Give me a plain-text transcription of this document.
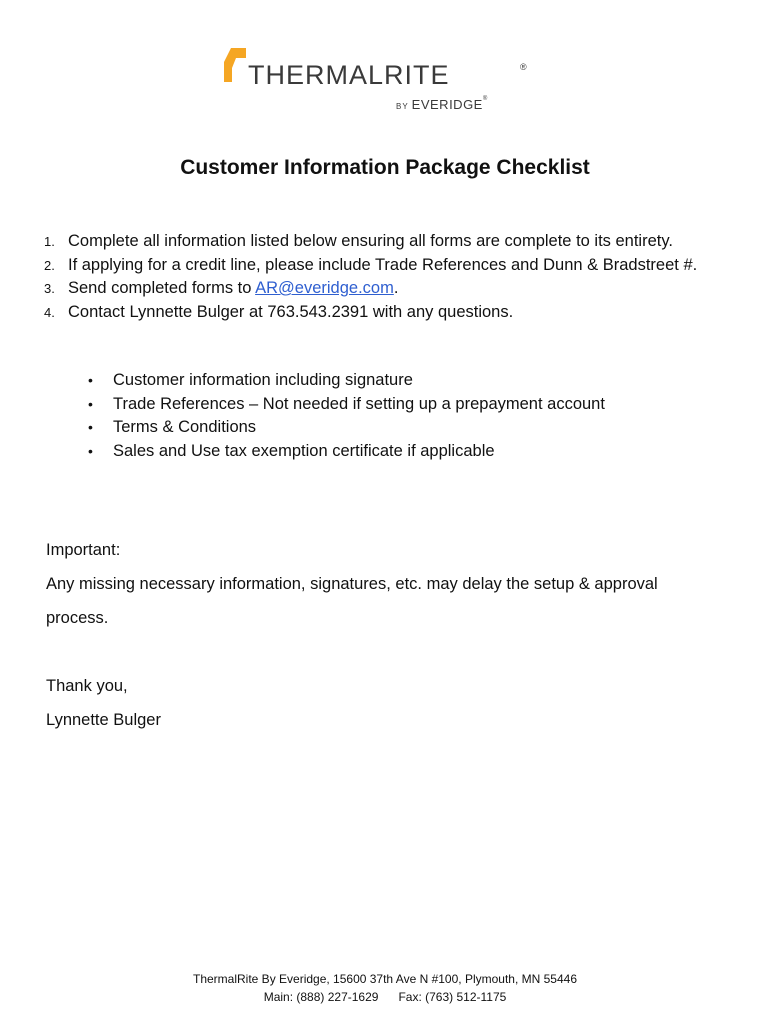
THERMALRITE	®
BY EVERIDGE®
Customer Information Package Checklist
1. Complete all information listed below ensuring all forms are complete to its entirety.
2. If applying for a credit line, please include Trade References and Dunn & Bradstreet #.
3. Send completed forms to AR@everidge.com.
4. Contact Lynnette Bulger at 763.543.2391 with any questions.
• Customer information including signature
• Trade References – Not needed if setting up a prepayment account
• Terms & Conditions
• Sales and Use tax exemption certificate if applicable
Important:
Any missing necessary information, signatures, etc. may delay the setup & approval
process.
Thank you,
Lynnette Bulger
ThermalRite By Everidge, 15600 37th Ave N #100, Plymouth, MN 55446
Main: (888) 227-1629      Fax: (763) 512-1175
